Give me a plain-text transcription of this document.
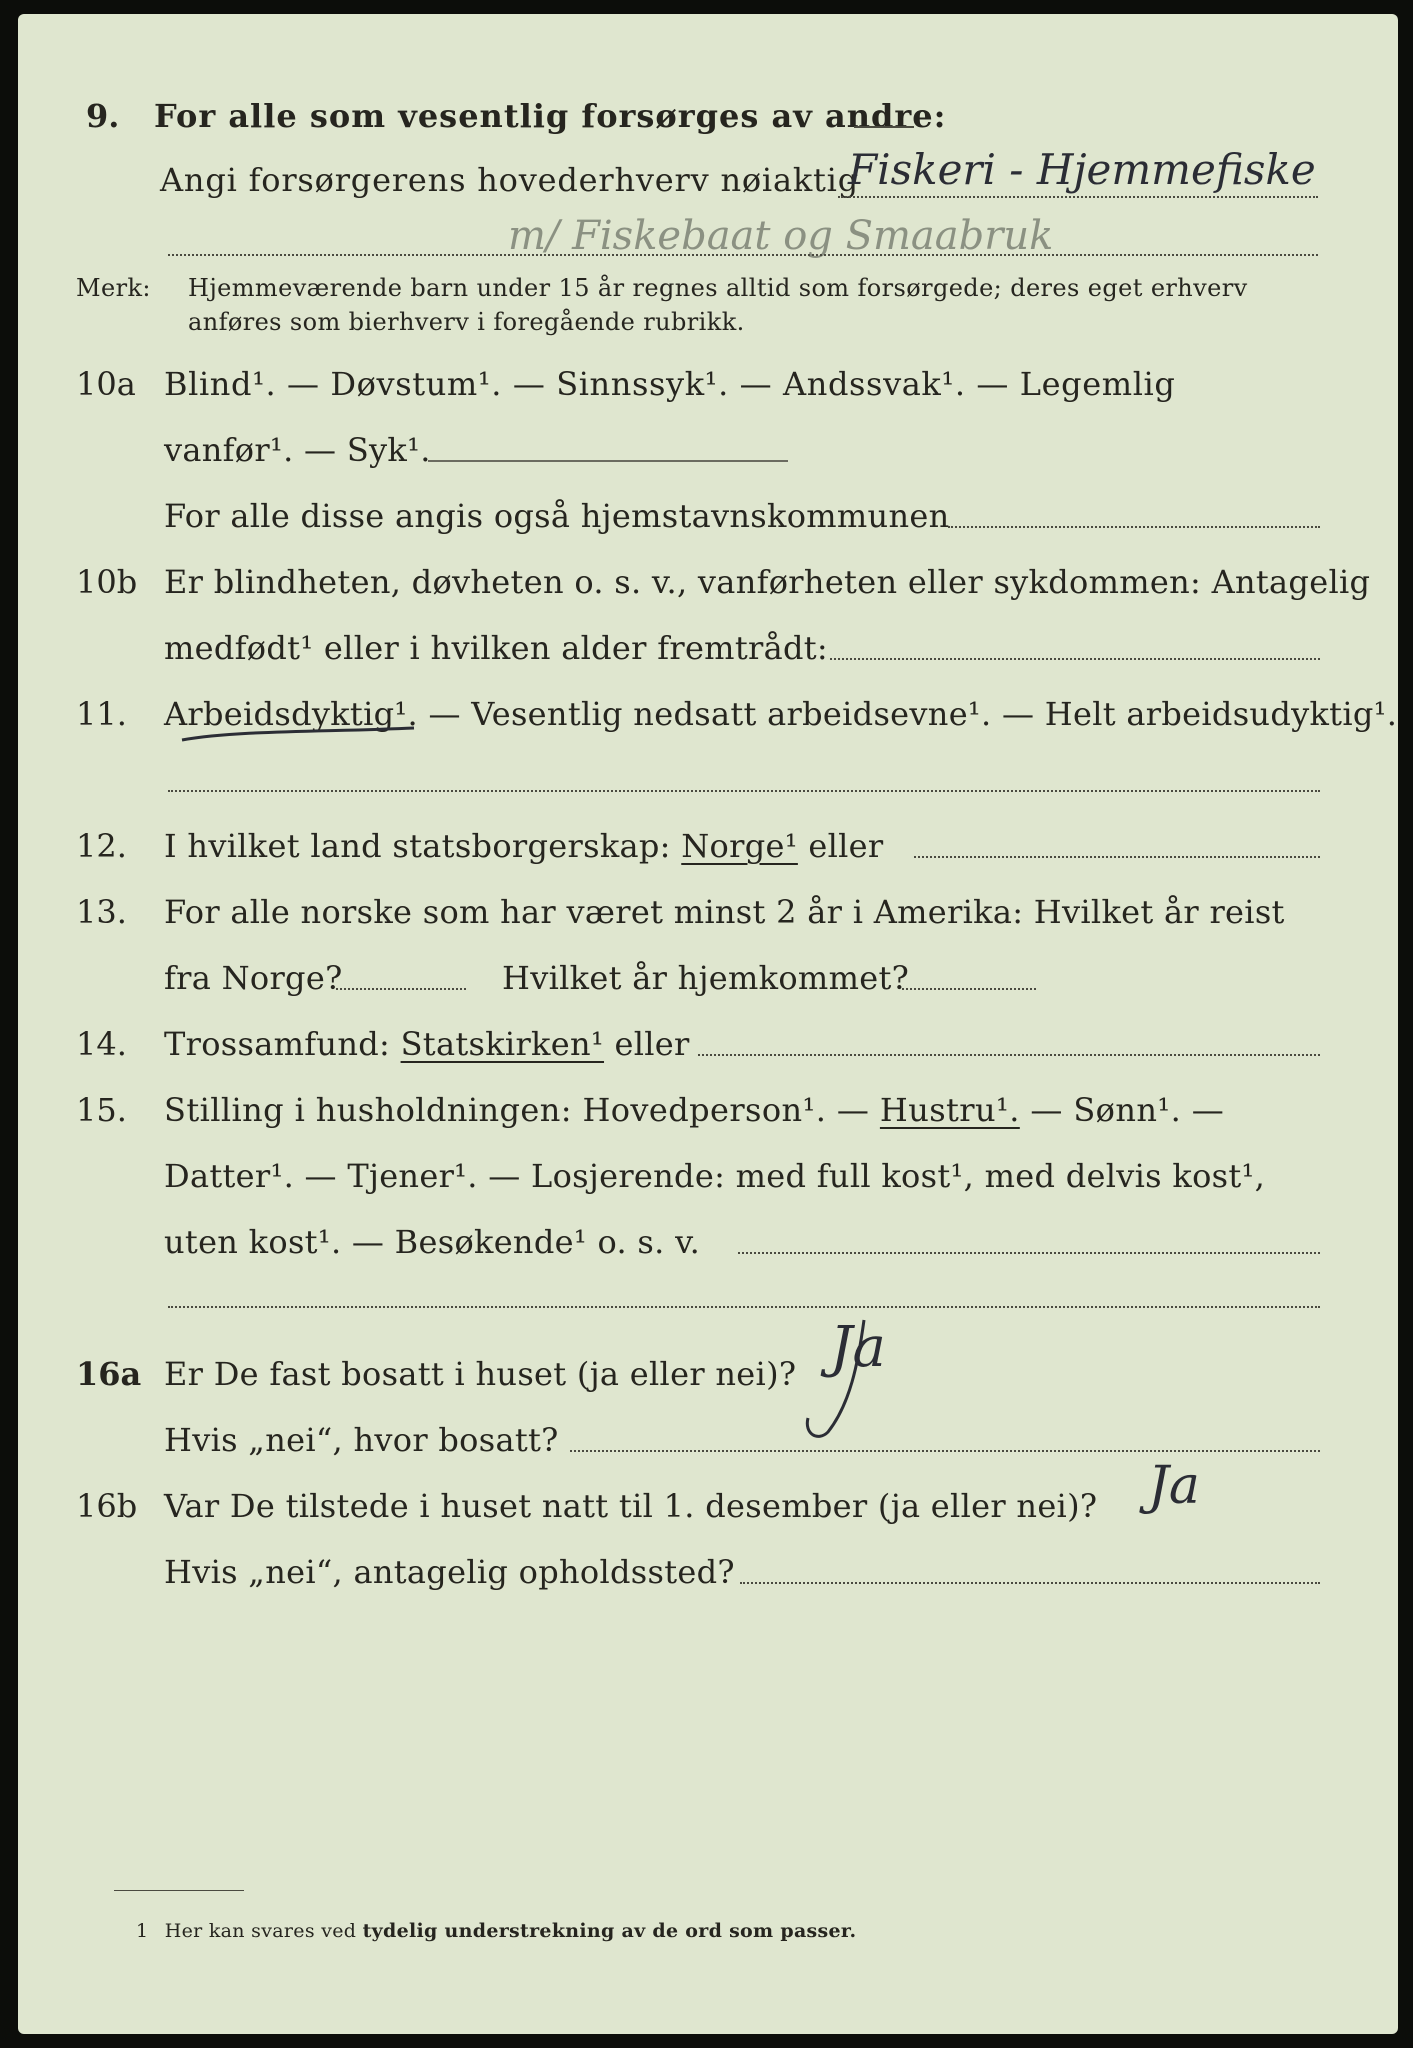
9. For alle som vesentlig forsørges av andre:
Angi forsørgerens hovederhverv nøiaktig
Fiskeri - Hjemmefiske
m/ Fiskebaat og Smaabruk
Merk: Hjemmeværende barn under 15 år regnes alltid som forsørgede; deres eget erhverv
anføres som bierhverv i foregående rubrikk.
10a Blind¹. — Døvstum¹. — Sinnssyk¹. — Andssvak¹. — Legemlig
vanfør¹. — Syk¹.
For alle disse angis også hjemstavnskommunen
10b Er blindheten, døvheten o. s. v., vanførheten eller sykdommen: Antagelig
medfødt¹ eller i hvilken alder fremtrådt:
11. Arbeidsdyktig¹. — Vesentlig nedsatt arbeidsevne¹. — Helt arbeidsudyktig¹.
12. I hvilket land statsborgerskap: Norge¹ eller
13. For alle norske som har været minst 2 år i Amerika: Hvilket år reist
fra Norge?	Hvilket år hjemkommet?
14. Trossamfund: Statskirken¹ eller
15. Stilling i husholdningen: Hovedperson¹. — Hustru¹. — Sønn¹. —
Datter¹. — Tjener¹. — Losjerende: med full kost¹, med delvis kost¹,
uten kost¹. — Besøkende¹ o. s. v.
16a Er De fast bosatt i huset (ja eller nei)? Ja
Hvis „nei“, hvor bosatt?
16b Var De tilstede i huset natt til 1. desember (ja eller nei)? Ja
Hvis „nei“, antagelig opholdssted?
1 Her kan svares ved tydelig understrekning av de ord som passer.
